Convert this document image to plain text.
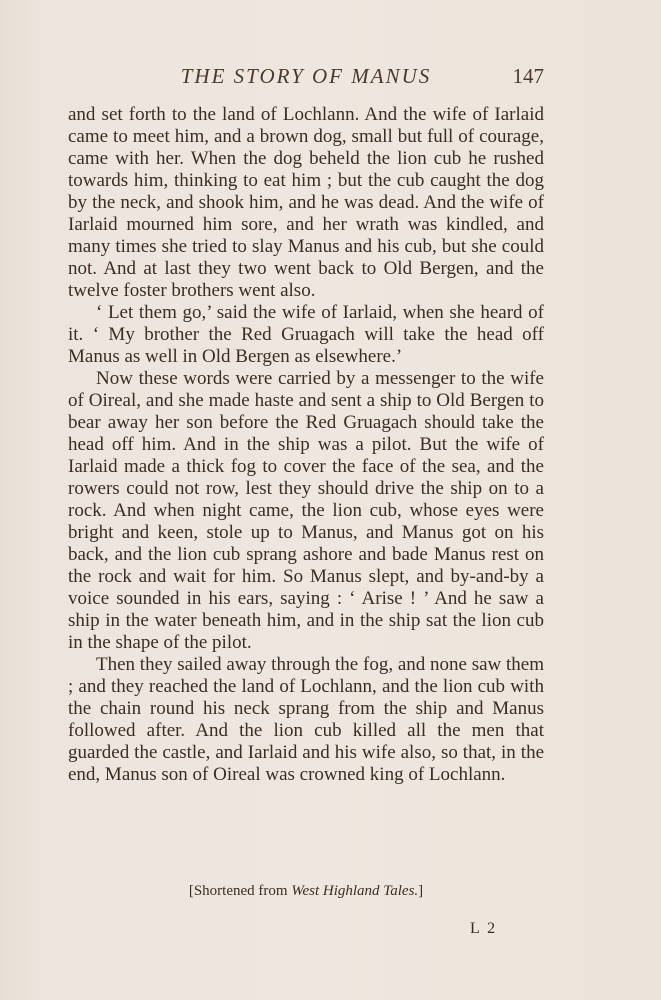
THE STORY OF MANUS	147

and set forth to the land of Lochlann. And the wife of Iarlaid came to meet him, and a brown dog, small but full of courage, came with her. When the dog beheld the lion cub he rushed towards him, thinking to eat him ; but the cub caught the dog by the neck, and shook him, and he was dead. And the wife of Iarlaid mourned him sore, and her wrath was kindled, and many times she tried to slay Manus and his cub, but she could not. And at last they two went back to Old Bergen, and the twelve foster brothers went also.

‘ Let them go,’ said the wife of Iarlaid, when she heard of it. ‘ My brother the Red Gruagach will take the head off Manus as well in Old Bergen as elsewhere.’

Now these words were carried by a messenger to the wife of Oireal, and she made haste and sent a ship to Old Bergen to bear away her son before the Red Gruagach should take the head off him. And in the ship was a pilot. But the wife of Iarlaid made a thick fog to cover the face of the sea, and the rowers could not row, lest they should drive the ship on to a rock. And when night came, the lion cub, whose eyes were bright and keen, stole up to Manus, and Manus got on his back, and the lion cub sprang ashore and bade Manus rest on the rock and wait for him. So Manus slept, and by-and-by a voice sounded in his ears, saying : ‘ Arise ! ’ And he saw a ship in the water beneath him, and in the ship sat the lion cub in the shape of the pilot.

Then they sailed away through the fog, and none saw them ; and they reached the land of Lochlann, and the lion cub with the chain round his neck sprang from the ship and Manus followed after. And the lion cub killed all the men that guarded the castle, and Iarlaid and his wife also, so that, in the end, Manus son of Oireal was crowned king of Lochlann.

[Shortened from West Highland Tales.]
L 2
